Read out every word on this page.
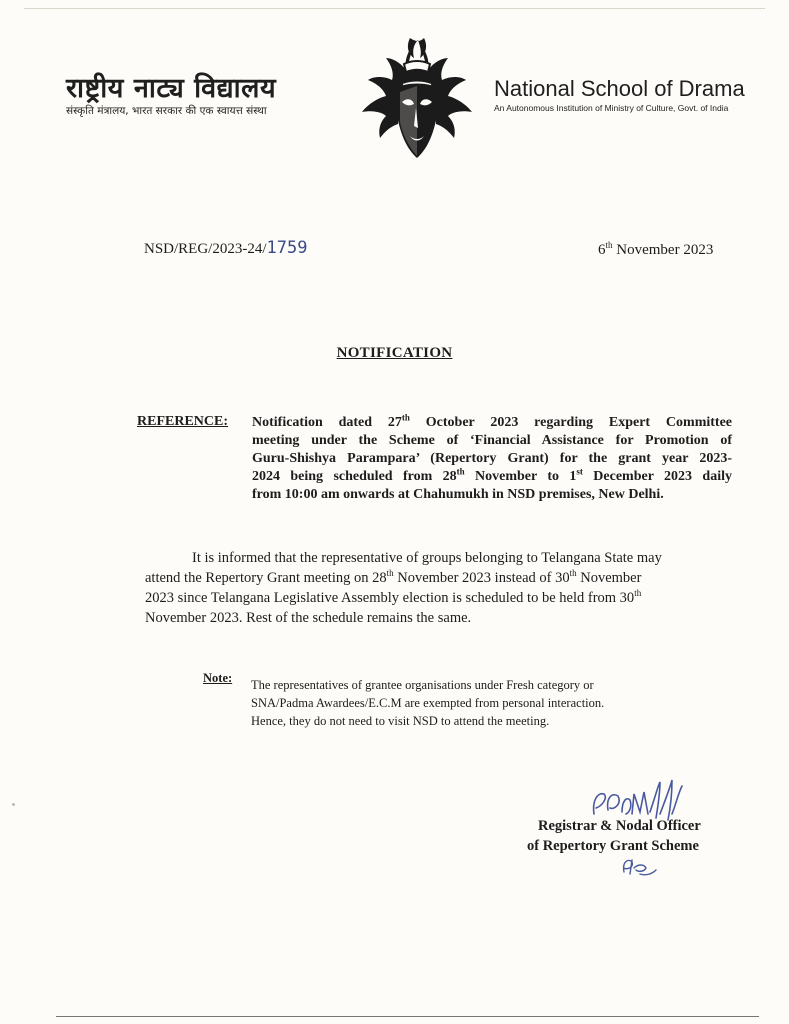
राष्ट्रीय नाट्य विद्यालय
संस्कृति मंत्रालय, भारत सरकार की एक स्वायत्त संस्था
National School of Drama
An Autonomous Institution of Ministry of Culture, Govt. of India
NSD/REG/2023-24/1759	6th November 2023
NOTIFICATION
REFERENCE: Notification dated 27th October 2023 regarding Expert Committee
meeting under the Scheme of ‘Financial Assistance for Promotion of
Guru-Shishya Parampara’ (Repertory Grant) for the grant year 2023-
2024 being scheduled from 28th November to 1st December 2023 daily
from 10:00 am onwards at Chahumukh in NSD premises, New Delhi.
It is informed that the representative of groups belonging to Telangana State may
attend the Repertory Grant meeting on 28th November 2023 instead of 30th November
2023 since Telangana Legislative Assembly election is scheduled to be held from 30th
November 2023. Rest of the schedule remains the same.
Note: The representatives of grantee organisations under Fresh category or
SNA/Padma Awardees/E.C.M are exempted from personal interaction.
Hence, they do not need to visit NSD to attend the meeting.
Registrar & Nodal Officer
of Repertory Grant Scheme
